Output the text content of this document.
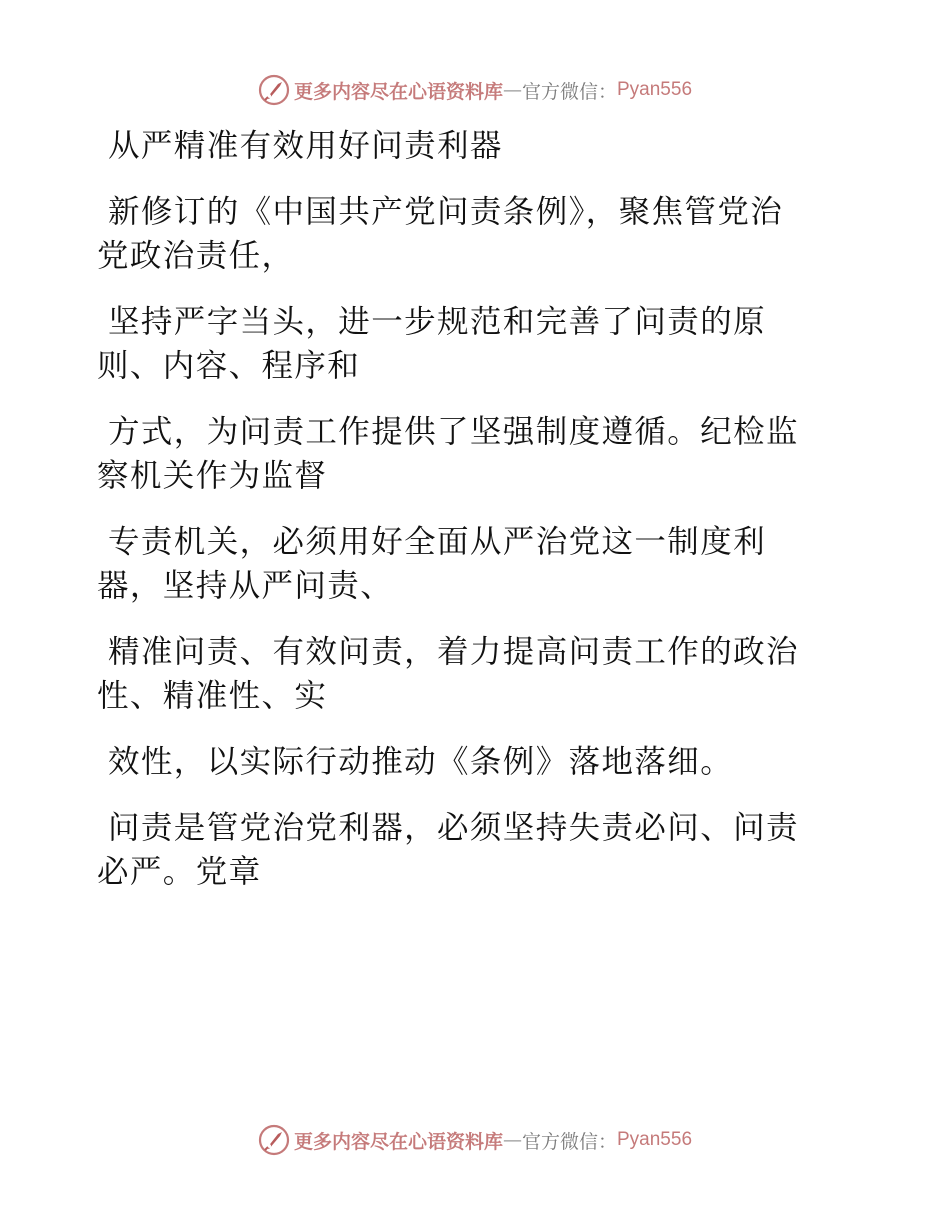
更多内容尽在心语资料库 — 官方微信： Pyan556
从严精准有效用好问责利器
新修订的《中国共产党问责条例》，聚焦管党治
党政治责任，
坚持严字当头，进一步规范和完善了问责的原
则、内容、程序和
方式，为问责工作提供了坚强制度遵循。纪检监
察机关作为监督
专责机关，必须用好全面从严治党这一制度利
器，坚持从严问责、
精准问责、有效问责，着力提高问责工作的政治
性、精准性、实
效性，以实际行动推动《条例》落地落细。
问责是管党治党利器，必须坚持失责必问、问责
必严。党章
更多内容尽在心语资料库 — 官方微信： Pyan556
